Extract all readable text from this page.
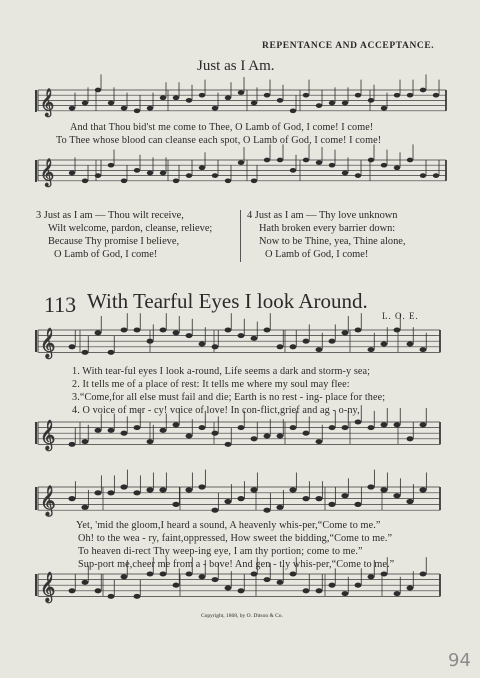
REPENTANCE AND ACCEPTANCE.
Just as I Am.
𝄞
𝄞
𝄞
𝄞
𝄞
𝄞
And that Thou bid'st me come to Thee, O Lamb of God, I come! I come!
To Thee whose blood can cleanse each spot, O Lamb of God, I come! I come!
3 Just as I am — Thou wilt receive,
Wilt welcome, pardon, cleanse, relieve;
Because Thy promise I believe,
O Lamb of God, I come!
4 Just as I am — Thy love unknown
Hath broken every barrier down:
Now to be Thine, yea, Thine alone,
O Lamb of God, I come!
113 With Tearful Eyes I look Around.
L. O. E.
1. With tear-ful eyes I look a-round, Life seems a dark and storm-y sea;
2. It tells me of a place of rest: It tells me where my soul may flee:
3.“Come,for all else must fail and die; Earth is no rest - ing- place for thee;
4. O voice of mer - cy! voice of love! In con-flict,grief and ag - o-ny,
Yet, 'mid the gloom,I heard a sound, A heavenly whis-per,“Come to me.”
Oh! to the wea - ry, faint,oppressed, How sweet the bidding,“Come to me.”
To heaven di-rect Thy weep-ing eye, I am thy portion; come to me.”
Sup-port me,cheer me from a - bove! And gen - tly whis-per,“Come to me.”
Copyright, 1868, by O. Ditson & Co.
94
